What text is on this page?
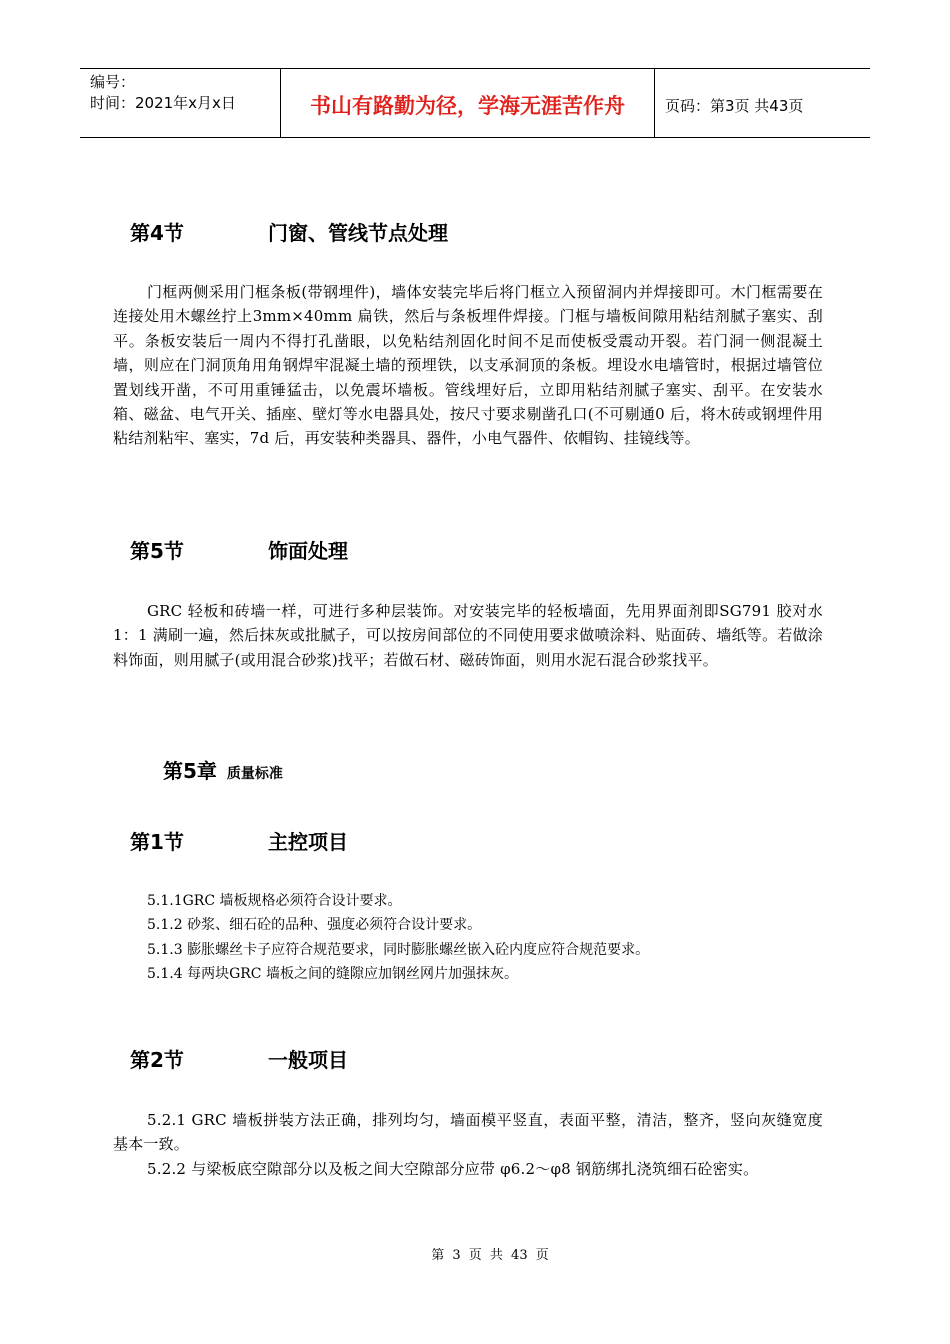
编号：
时间：2021年x月x日	书山有路勤为径，学海无涯苦作舟	页码：第3页 共43页
第4节	门窗、管线节点处理
门框两侧采用门框条板(带钢埋件)，墙体安装完毕后将门框立入预留洞内并焊接即可。木门框需要在连接处用木螺丝拧上3mm×40mm 扁铁，然后与条板埋件焊接。门框与墙板间隙用粘结剂腻子塞实、刮平。条板安装后一周内不得打孔凿眼，以免粘结剂固化时间不足而使板受震动开裂。若门洞一侧混凝土墙，则应在门洞顶角用角钢焊牢混凝土墙的预埋铁，以支承洞顶的条板。埋设水电墙管时，根据过墙管位置划线开凿，不可用重锤猛击，以免震坏墙板。管线埋好后，立即用粘结剂腻子塞实、刮平。在安装水箱、磁盆、电气开关、插座、壁灯等水电器具处，按尺寸要求剔凿孔口(不可剔通0 后，将木砖或钢埋件用粘结剂粘牢、塞实，7d 后，再安装种类器具、器件，小电气器件、依帽钩、挂镜线等。
第5节	饰面处理
GRC 轻板和砖墙一样，可进行多种层装饰。对安装完毕的轻板墙面，先用界面剂即SG791 胶对水1：1 满刷一遍，然后抹灰或批腻子，可以按房间部位的不同使用要求做喷涂料、贴面砖、墙纸等。若做涂料饰面，则用腻子(或用混合砂浆)找平；若做石材、磁砖饰面，则用水泥石混合砂浆找平。
第5章 质量标准
第1节	主控项目
5.1.1GRC 墙板规格必须符合设计要求。
5.1.2 砂浆、细石砼的品种、强度必须符合设计要求。
5.1.3 膨胀螺丝卡子应符合规范要求，同时膨胀螺丝嵌入砼内度应符合规范要求。
5.1.4 每两块GRC 墙板之间的缝隙应加钢丝网片加强抹灰。
第2节	一般项目
5.2.1 GRC 墙板拼装方法正确，排列均匀，墙面模平竖直，表面平整，清洁，整齐，竖向灰缝宽度基本一致。
5.2.2 与梁板底空隙部分以及板之间大空隙部分应带 φ6.2～φ8 钢筋绑扎浇筑细石砼密实。
第 3 页 共 43 页
